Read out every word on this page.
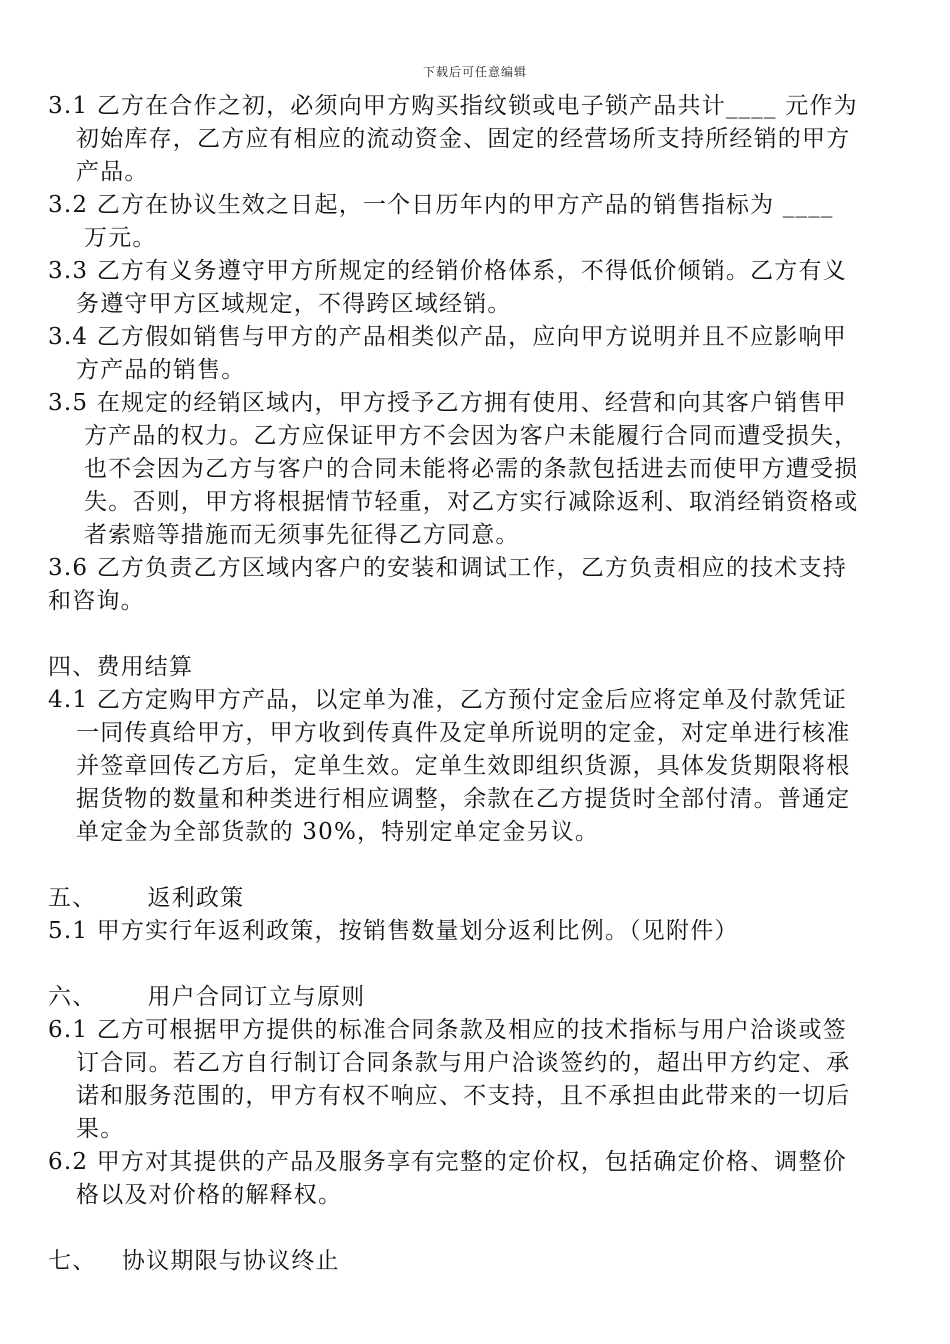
下载后可任意编辑
3.1 乙方在合作之初，必须向甲方购买指纹锁或电子锁产品共计____ 元作为
初始库存，乙方应有相应的流动资金、固定的经营场所支持所经销的甲方
产品。
3.2 乙方在协议生效之日起，一个日历年内的甲方产品的销售指标为 ____
万元。
3.3 乙方有义务遵守甲方所规定的经销价格体系，不得低价倾销。乙方有义
务遵守甲方区域规定，不得跨区域经销。
3.4 乙方假如销售与甲方的产品相类似产品，应向甲方说明并且不应影响甲
方产品的销售。
3.5 在规定的经销区域内，甲方授予乙方拥有使用、经营和向其客户销售甲
方产品的权力。乙方应保证甲方不会因为客户未能履行合同而遭受损失，
也不会因为乙方与客户的合同未能将必需的条款包括进去而使甲方遭受损
失。否则，甲方将根据情节轻重，对乙方实行减除返利、取消经销资格或
者索赔等措施而无须事先征得乙方同意。
3.6 乙方负责乙方区域内客户的安装和调试工作，乙方负责相应的技术支持
和咨询。
四、费用结算
4.1 乙方定购甲方产品，以定单为准，乙方预付定金后应将定单及付款凭证
一同传真给甲方，甲方收到传真件及定单所说明的定金，对定单进行核准
并签章回传乙方后，定单生效。定单生效即组织货源，具体发货期限将根
据货物的数量和种类进行相应调整，余款在乙方提货时全部付清。普通定
单定金为全部货款的 30%，特别定单定金另议。
五、      返利政策
5.1 甲方实行年返利政策，按销售数量划分返利比例。（见附件）
六、      用户合同订立与原则
6.1 乙方可根据甲方提供的标准合同条款及相应的技术指标与用户洽谈或签
订合同。若乙方自行制订合同条款与用户洽谈签约的，超出甲方约定、承
诺和服务范围的，甲方有权不响应、不支持，且不承担由此带来的一切后
果。
6.2 甲方对其提供的产品及服务享有完整的定价权，包括确定价格、调整价
格以及对价格的解释权。
七、   协议期限与协议终止
